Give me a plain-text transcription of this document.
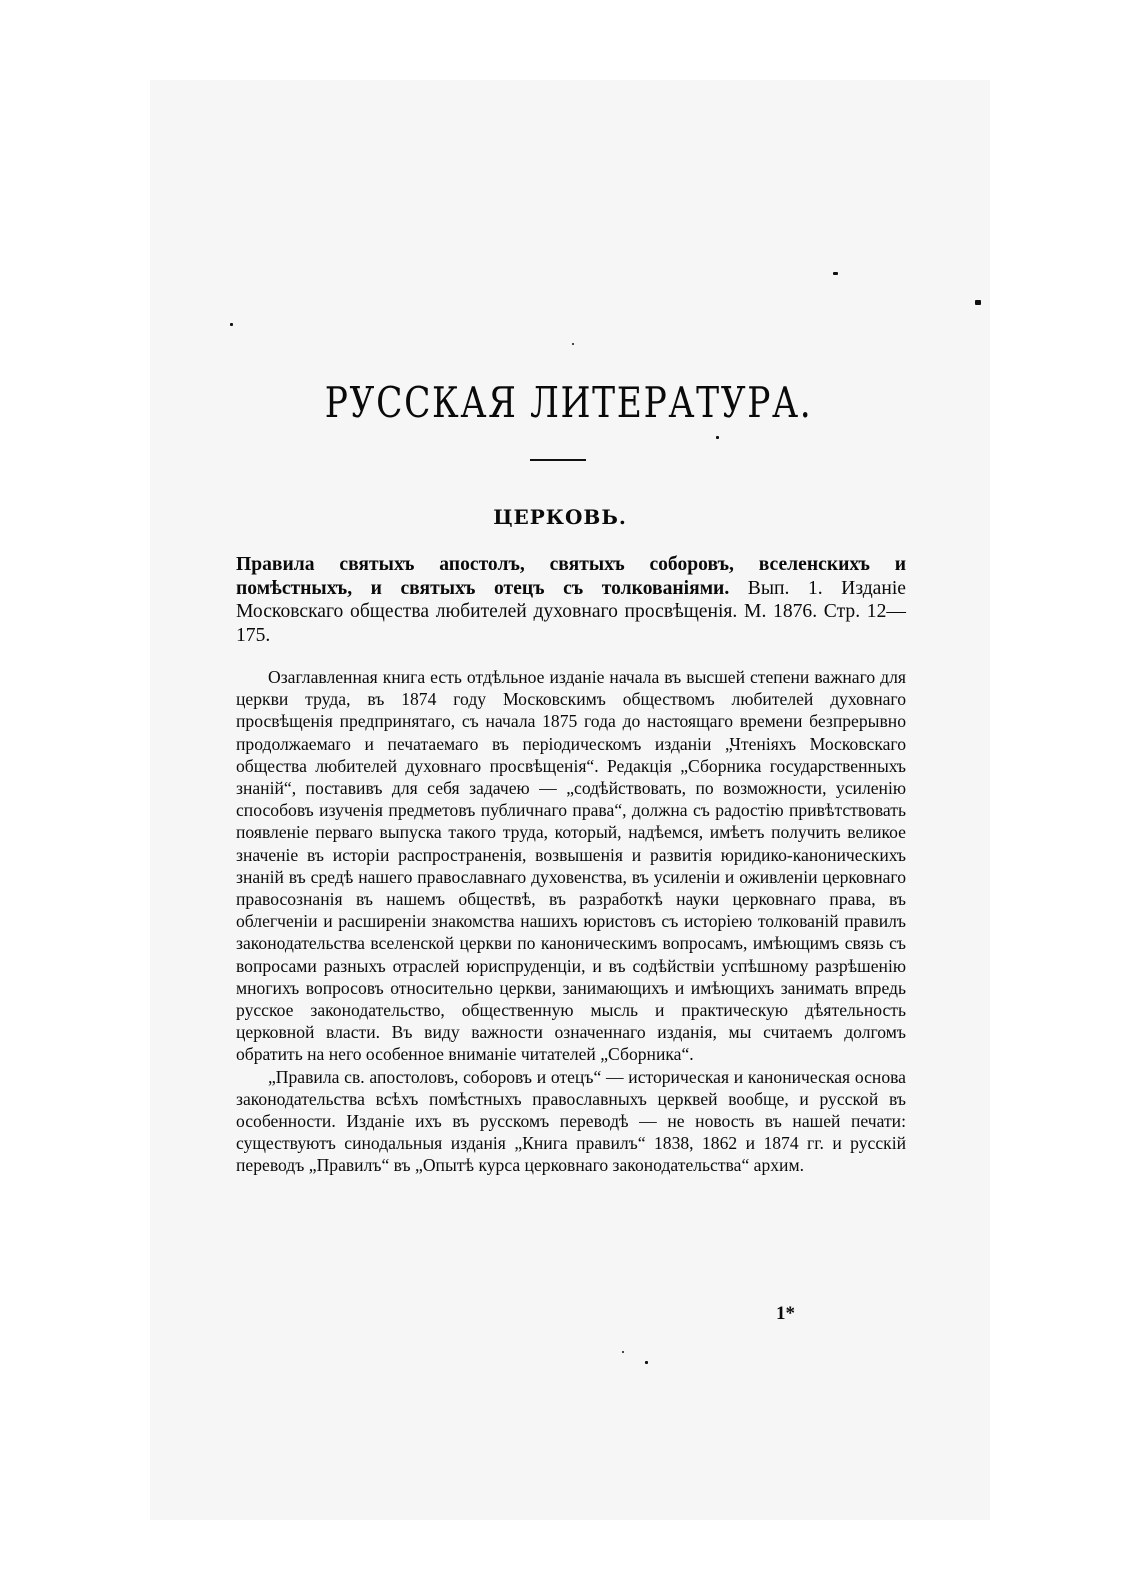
РУССКАЯ ЛИТЕРАТУРА.
ЦЕРКОВЬ.
Правила святыхъ апостолъ, святыхъ соборовъ, вселенскихъ и помѣстныхъ, и святыхъ отецъ съ толкованіями. Вып. 1. Изданіе Московскаго общества любителей духовнаго просвѣщенія. М. 1876. Стр. 12—175.

Озаглавленная книга есть отдѣльное изданіе начала въ высшей степени важнаго для церкви труда, въ 1874 году Московскимъ обществомъ любителей духовнаго просвѣщенія предпринятаго, съ начала 1875 года до настоящаго времени безпрерывно продолжаемаго и печатаемаго въ періодическомъ изданіи „Чтеніяхъ Московскаго общества любителей духовнаго просвѣщенія“. Редакція „Сборника государственныхъ знаній“, поставивъ для себя задачею — „содѣйствовать, по возможности, усиленію способовъ изученія предметовъ публичнаго права“, должна съ радостію привѣтствовать появленіе перваго выпуска такого труда, который, надѣемся, имѣетъ получить великое значеніе въ исторіи распространенія, возвышенія и развитія юридико-каноническихъ знаній въ средѣ нашего православнаго духовенства, въ усиленіи и оживленіи церковнаго правосознанія въ нашемъ обществѣ, въ разработкѣ науки церковнаго права, въ облегченіи и расширеніи знакомства нашихъ юристовъ съ исторіею толкованій правилъ законодательства вселенской церкви по каноническимъ вопросамъ, имѣющимъ связь съ вопросами разныхъ отраслей юриспруденціи, и въ содѣйствіи успѣшному разрѣшенію многихъ вопросовъ относительно церкви, занимающихъ и имѣющихъ занимать впредь русское законодательство, общественную мысль и практическую дѣятельность церковной власти. Въ виду важности означеннаго изданія, мы считаемъ долгомъ обратить на него особенное вниманіе читателей „Сборника“.

„Правила св. апостоловъ, соборовъ и отецъ“ — историческая и каноническая основа законодательства всѣхъ помѣстныхъ православныхъ церквей вообще, и русской въ особенности. Изданіе ихъ въ русскомъ переводѣ — не новость въ нашей печати: существуютъ синодальныя изданія „Книга правилъ“ 1838, 1862 и 1874 гг. и русскій переводъ „Правилъ“ въ „Опытѣ курса церковнаго законодательства“ архим.

1*
